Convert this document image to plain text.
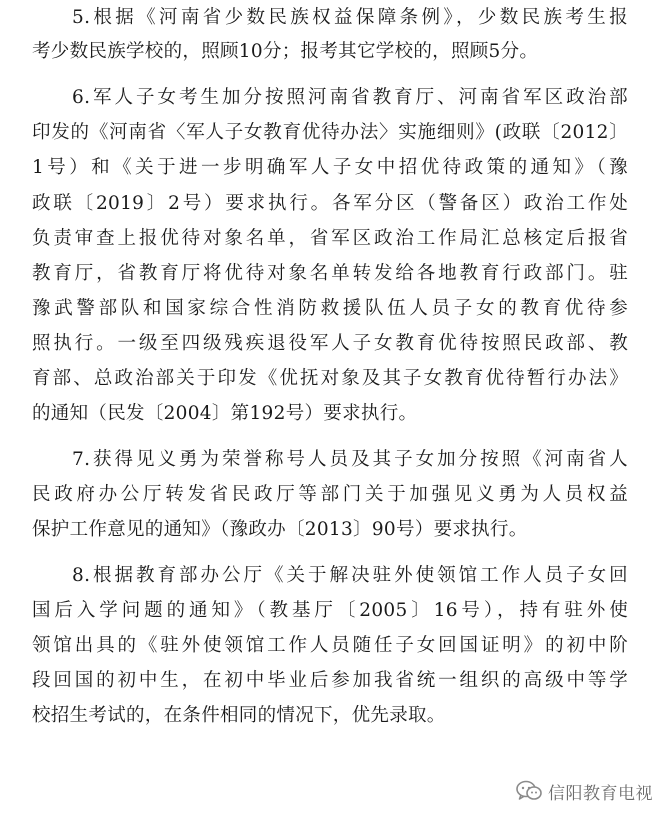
5.根据《河南省少数民族权益保障条例》，少数民族考生报
考少数民族学校的，照顾10分；报考其它学校的，照顾5分。
6.军人子女考生加分按照河南省教育厅、河南省军区政治部
印发的《河南省〈军人子女教育优待办法〉实施细则》(政联〔2012〕
1号）和《关于进一步明确军人子女中招优待政策的通知》（豫
政联〔2019〕2号）要求执行。各军分区（警备区）政治工作处
负责审查上报优待对象名单，省军区政治工作局汇总核定后报省
教育厅，省教育厅将优待对象名单转发给各地教育行政部门。驻
豫武警部队和国家综合性消防救援队伍人员子女的教育优待参
照执行。一级至四级残疾退役军人子女教育优待按照民政部、教
育部、总政治部关于印发《优抚对象及其子女教育优待暂行办法》
的通知（民发〔2004〕第192号）要求执行。
7.获得见义勇为荣誉称号人员及其子女加分按照《河南省人
民政府办公厅转发省民政厅等部门关于加强见义勇为人员权益
保护工作意见的通知》（豫政办〔2013〕90号）要求执行。
8.根据教育部办公厅《关于解决驻外使领馆工作人员子女回
国后入学问题的通知》（教基厅〔2005〕16号），持有驻外使
领馆出具的《驻外使领馆工作人员随任子女回国证明》的初中阶
段回国的初中生，在初中毕业后参加我省统一组织的高级中等学
校招生考试的，在条件相同的情况下，优先录取。
信阳教育电视
